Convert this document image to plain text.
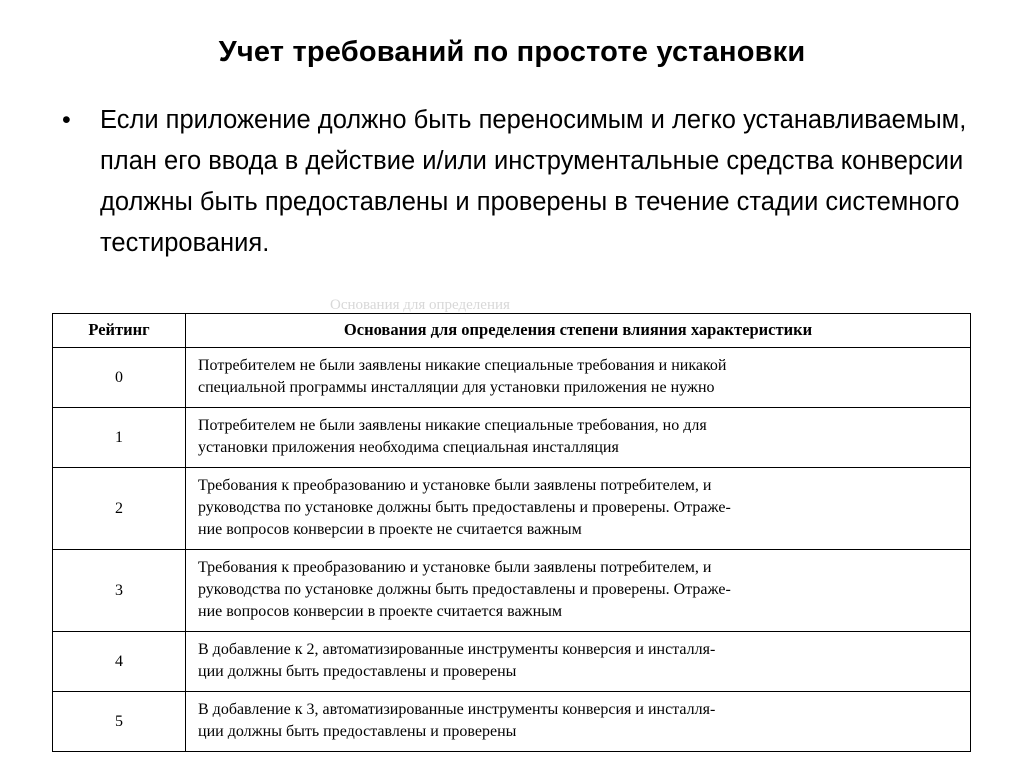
Учет требований по простоте установки
•	Если приложение должно быть переносимым и легко устанавливаемым, план его ввода в действие и/или инструментальные средства конверсии должны быть предоставлены и проверены в течение стадии системного тестирования.
Основания для определения
Рейтинг	Основания для определения степени влияния характеристики
0	Потребителем не были заявлены никакие специальные требования и никакой
специальной программы инсталляции для установки приложения не нужно

1	Потребителем не были заявлены никакие специальные требования, но для
установки приложения необходима специальная инсталляция

2	Требования к преобразованию и установке были заявлены потребителем, и
руководства по установке должны быть предоставлены и проверены. Отраже-
ние вопросов конверсии в проекте не считается важным

3	Требования к преобразованию и установке были заявлены потребителем, и
руководства по установке должны быть предоставлены и проверены. Отраже-
ние вопросов конверсии в проекте считается важным

4	В добавление к 2, автоматизированные инструменты конверсия и инсталля-
ции должны быть предоставлены и проверены

5	В добавление к 3, автоматизированные инструменты конверсия и инсталля-
ции должны быть предоставлены и проверены
